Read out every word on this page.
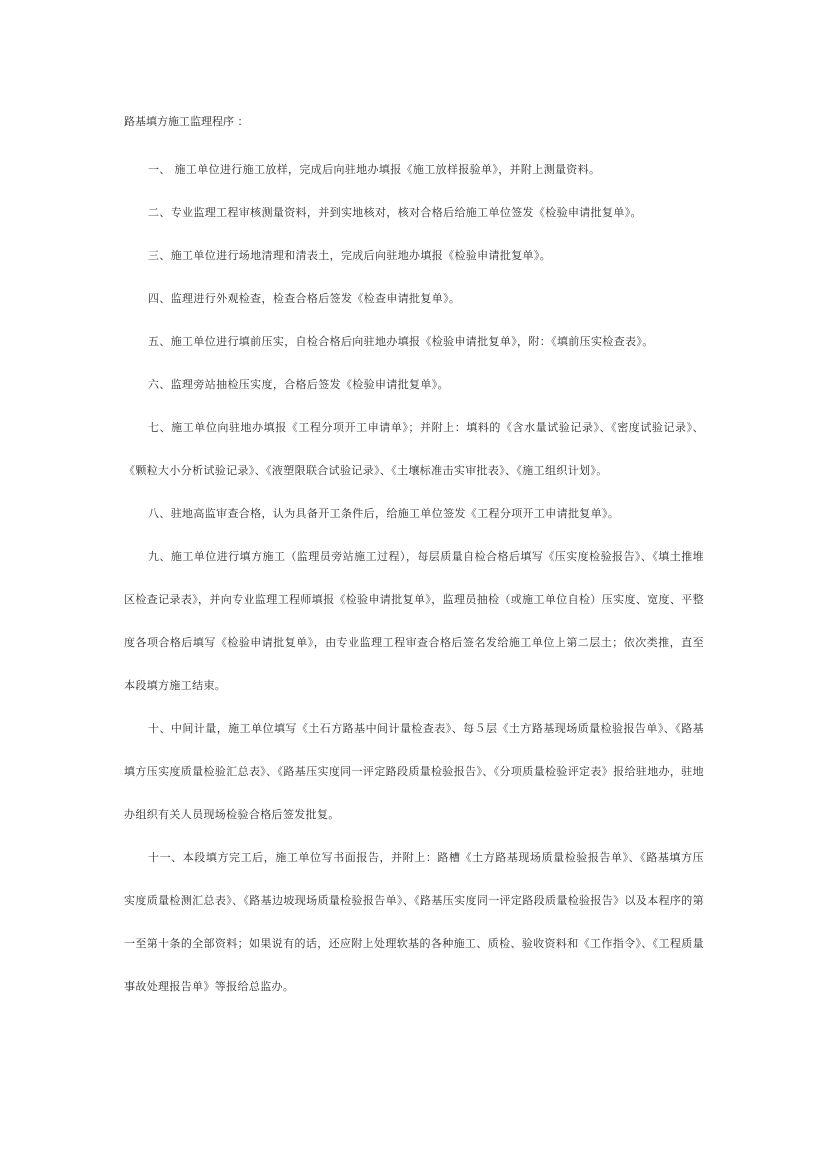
路基填方施工监理程序 ：

一、 施工单位进行施工放样，完成后向驻地办填报《施工放样报验单》，并附上测量资料。

二、专业监理工程审核测量资料，并到实地核对，核对合格后给施工单位签发《检验申请批复单》。

三、施工单位进行场地清理和清表土，完成后向驻地办填报《检验申请批复单》。

四、监理进行外观检查，检查合格后签发《检查申请批复单》。

五、施工单位进行填前压实，自检合格后向驻地办填报《检验申请批复单》，附：《填前压实检查表》。

六、监理旁站抽检压实度，合格后签发《检验申请批复单》。

七、施工单位向驻地办填报《工程分项开工申请单》；并附上：填料的《含水量试验记录》、《密度试验记录》、《颗粒大小分析试验记录》、《液塑限联合试验记录》、《土壤标准击实审批表》、《施工组织计划》。

八、驻地高监审查合格，认为具备开工条件后，给施工单位签发《工程分项开工申请批复单》。

九、施工单位进行填方施工（监理员旁站施工过程），每层质量自检合格后填写《压实度检验报告》、《填土推堆区检查记录表》，并向专业监理工程师填报《检验申请批复单》，监理员抽检（或施工单位自检）压实度、宽度、平整度各项合格后填写《检验申请批复单》，由专业监理工程审查合格后签名发给施工单位上第二层土；依次类推，直至本段填方施工结束。

十、中间计量，施工单位填写《土石方路基中间计量检查表》、每５层《土方路基现场质量检验报告单》、《路基填方压实度质量检验汇总表》、《路基压实度同一评定路段质量检验报告》、《分项质量检验评定表》报给驻地办，驻地办组织有关人员现场检验合格后签发批复。

十一、本段填方完工后，施工单位写书面报告，并附上：路槽《土方路基现场质量检验报告单》、《路基填方压实度质量检测汇总表》、《路基边坡现场质量检验报告单》、《路基压实度同一评定路段质量检验报告》以及本程序的第一至第十条的全部资料；如果说有的话，还应附上处理软基的各种施工、质检、验收资料和《工作指令》、《工程质量事故处理报告单》等报给总监办。
